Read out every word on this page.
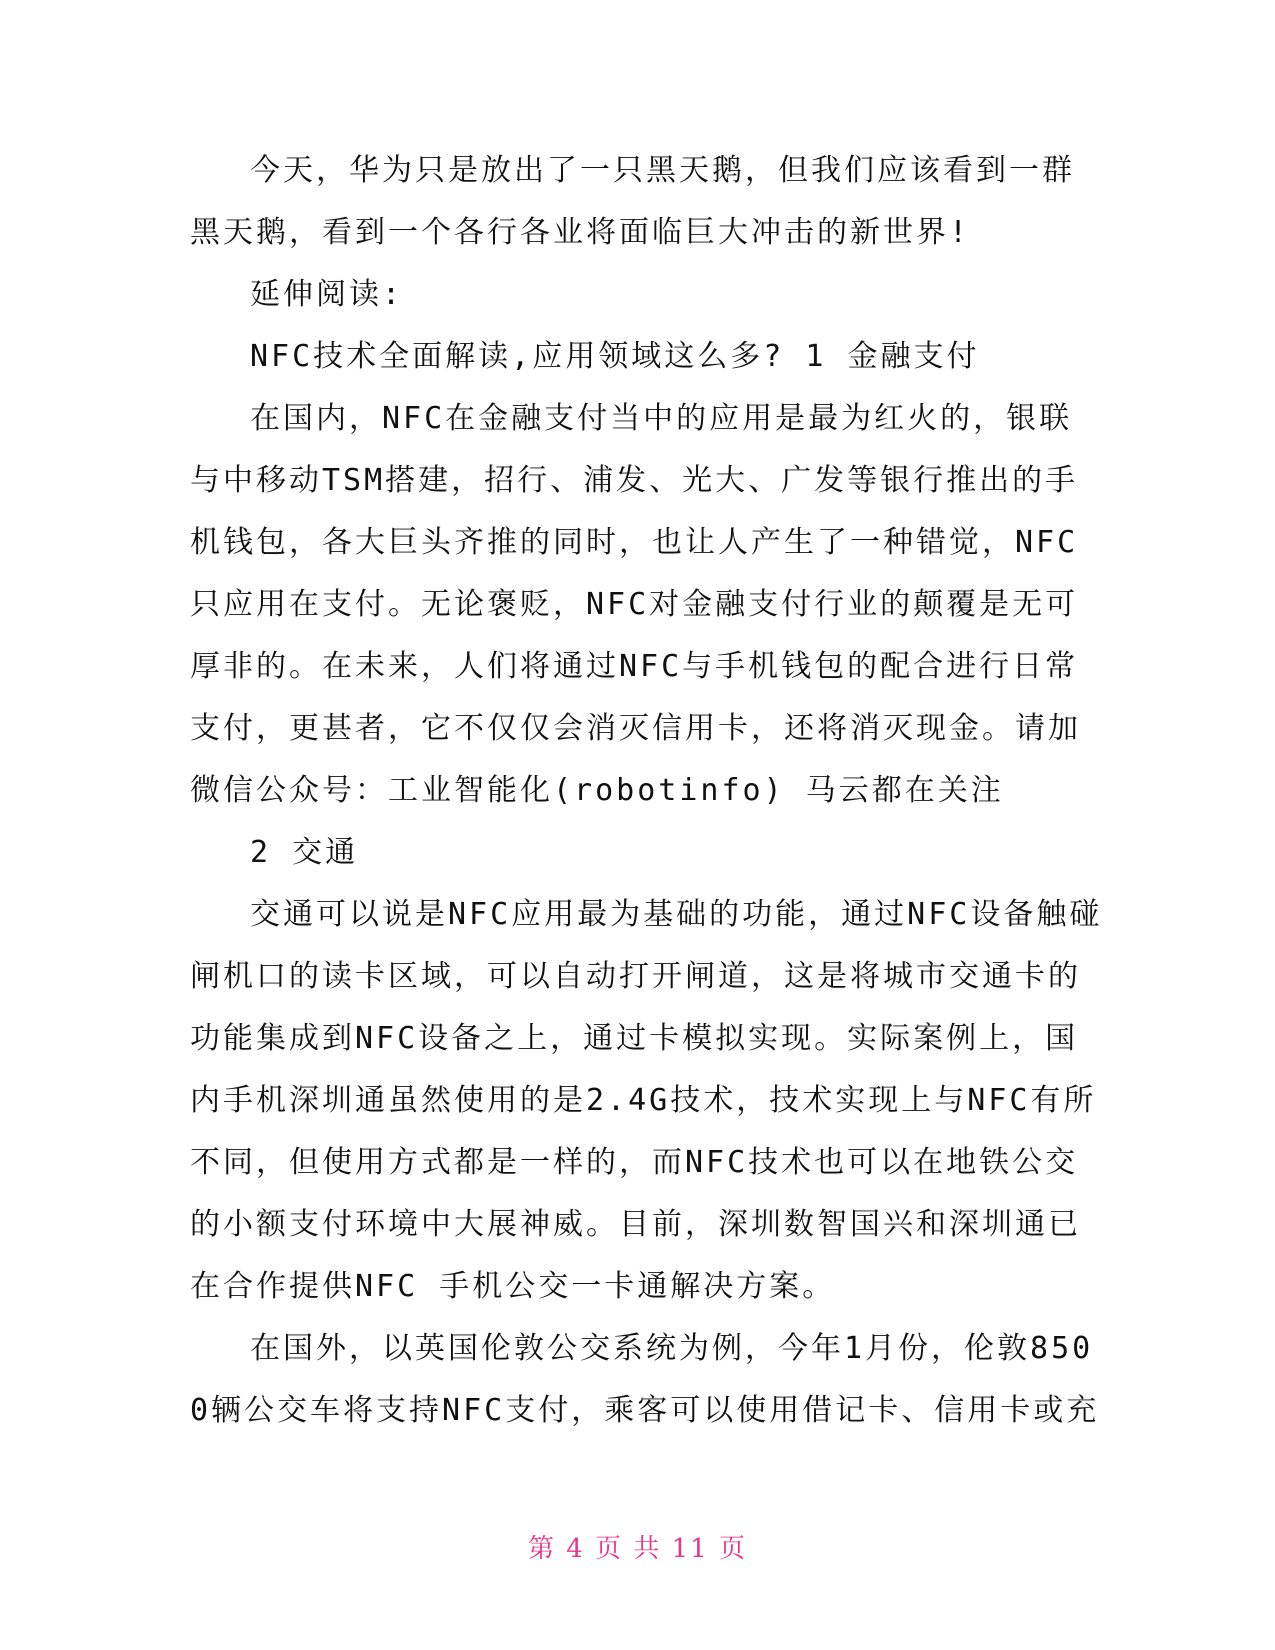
今天，华为只是放出了一只黑天鹅，但我们应该看到一群
黑天鹅，看到一个各行各业将面临巨大冲击的新世界!
延伸阅读:
NFC技术全面解读,应用领域这么多? 1 金融支付
在国内，NFC在金融支付当中的应用是最为红火的，银联
与中移动TSM搭建，招行、浦发、光大、广发等银行推出的手
机钱包，各大巨头齐推的同时，也让人产生了一种错觉，NFC
只应用在支付。无论褒贬，NFC对金融支付行业的颠覆是无可
厚非的。在未来，人们将通过NFC与手机钱包的配合进行日常
支付，更甚者，它不仅仅会消灭信用卡，还将消灭现金。请加
微信公众号：工业智能化(robotinfo) 马云都在关注
2 交通
交通可以说是NFC应用最为基础的功能，通过NFC设备触碰
闸机口的读卡区域，可以自动打开闸道，这是将城市交通卡的
功能集成到NFC设备之上，通过卡模拟实现。实际案例上，国
内手机深圳通虽然使用的是2.4G技术，技术实现上与NFC有所
不同，但使用方式都是一样的，而NFC技术也可以在地铁公交
的小额支付环境中大展神威。目前，深圳数智国兴和深圳通已
在合作提供NFC 手机公交一卡通解决方案。
在国外，以英国伦敦公交系统为例，今年1月份，伦敦850
0辆公交车将支持NFC支付，乘客可以使用借记卡、信用卡或充
第 4 页 共 11 页
